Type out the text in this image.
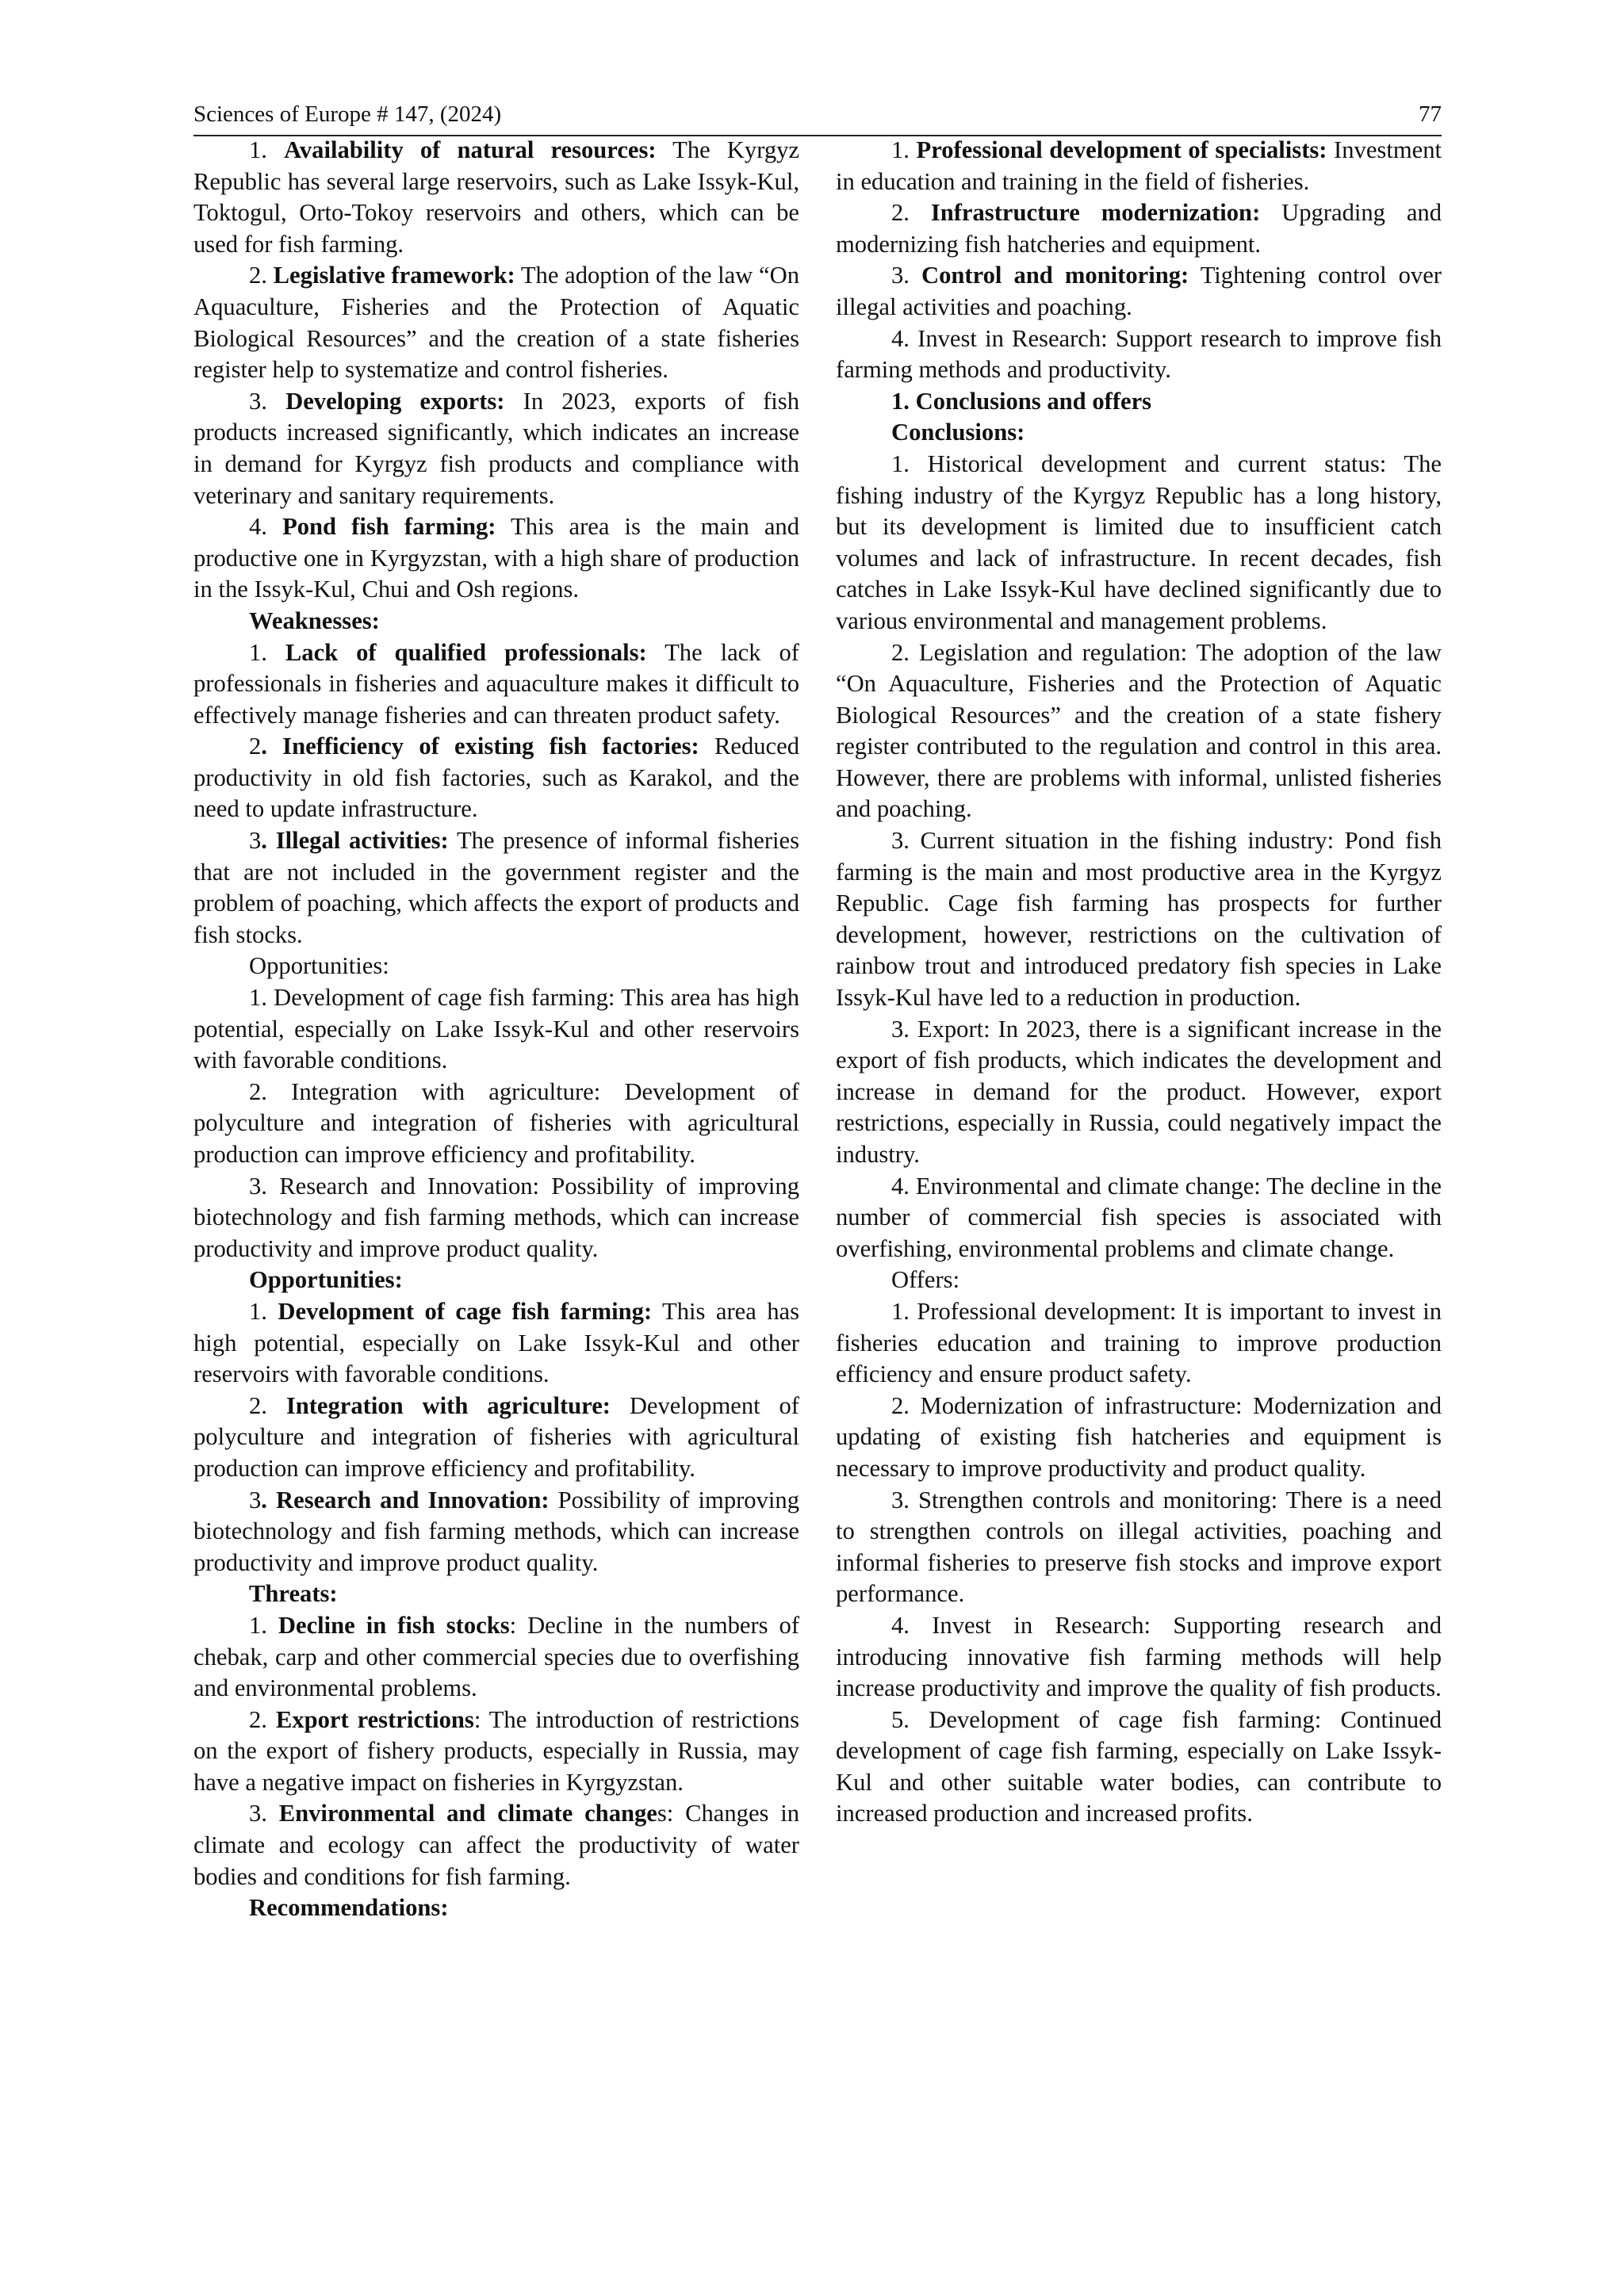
Sciences of Europe # 147, (2024)	77

1. Availability of natural resources: The Kyrgyz Republic has several large reservoirs, such as Lake Issyk-Kul, Toktogul, Orto-Tokoy reservoirs and others, which can be used for fish farming.

2. Legislative framework: The adoption of the law “On Aquaculture, Fisheries and the Protection of Aquatic Biological Resources” and the creation of a state fisheries register help to systematize and control fisheries.

3. Developing exports: In 2023, exports of fish products increased significantly, which indicates an increase in demand for Kyrgyz fish products and compliance with veterinary and sanitary requirements.

4. Pond fish farming: This area is the main and productive one in Kyrgyzstan, with a high share of production in the Issyk-Kul, Chui and Osh regions.

Weaknesses:

1. Lack of qualified professionals: The lack of professionals in fisheries and aquaculture makes it difficult to effectively manage fisheries and can threaten product safety.

2. Inefficiency of existing fish factories: Reduced productivity in old fish factories, such as Karakol, and the need to update infrastructure.

3. Illegal activities: The presence of informal fisheries that are not included in the government register and the problem of poaching, which affects the export of products and fish stocks.

Opportunities:

1. Development of cage fish farming: This area has high potential, especially on Lake Issyk-Kul and other reservoirs with favorable conditions.

2. Integration with agriculture: Development of polyculture and integration of fisheries with agricultural production can improve efficiency and profitability.

3. Research and Innovation: Possibility of improving biotechnology and fish farming methods, which can increase productivity and improve product quality.

Opportunities:

1. Development of cage fish farming: This area has high potential, especially on Lake Issyk-Kul and other reservoirs with favorable conditions.

2. Integration with agriculture: Development of polyculture and integration of fisheries with agricultural production can improve efficiency and profitability.

3. Research and Innovation: Possibility of improving biotechnology and fish farming methods, which can increase productivity and improve product quality.

Threats:

1. Decline in fish stocks: Decline in the numbers of chebak, carp and other commercial species due to overfishing and environmental problems.

2. Export restrictions: The introduction of restrictions on the export of fishery products, especially in Russia, may have a negative impact on fisheries in Kyrgyzstan.

3. Environmental and climate changes: Changes in climate and ecology can affect the productivity of water bodies and conditions for fish farming.

Recommendations:

1. Professional development of specialists: Investment in education and training in the field of fisheries.

2. Infrastructure modernization: Upgrading and modernizing fish hatcheries and equipment.

3. Control and monitoring: Tightening control over illegal activities and poaching.

4. Invest in Research: Support research to improve fish farming methods and productivity.

1. Conclusions and offers

Conclusions:

1. Historical development and current status: The fishing industry of the Kyrgyz Republic has a long history, but its development is limited due to insufficient catch volumes and lack of infrastructure. In recent decades, fish catches in Lake Issyk-Kul have declined significantly due to various environmental and management problems.

2. Legislation and regulation: The adoption of the law “On Aquaculture, Fisheries and the Protection of Aquatic Biological Resources” and the creation of a state fishery register contributed to the regulation and control in this area. However, there are problems with informal, unlisted fisheries and poaching.

3. Current situation in the fishing industry: Pond fish farming is the main and most productive area in the Kyrgyz Republic. Cage fish farming has prospects for further development, however, restrictions on the cultivation of rainbow trout and introduced predatory fish species in Lake Issyk-Kul have led to a reduction in production.

3. Export: In 2023, there is a significant increase in the export of fish products, which indicates the development and increase in demand for the product. However, export restrictions, especially in Russia, could negatively impact the industry.

4. Environmental and climate change: The decline in the number of commercial fish species is associated with overfishing, environmental problems and climate change.

Offers:

1. Professional development: It is important to invest in fisheries education and training to improve production efficiency and ensure product safety.

2. Modernization of infrastructure: Modernization and updating of existing fish hatcheries and equipment is necessary to improve productivity and product quality.

3. Strengthen controls and monitoring: There is a need to strengthen controls on illegal activities, poaching and informal fisheries to preserve fish stocks and improve export performance.

4. Invest in Research: Supporting research and introducing innovative fish farming methods will help increase productivity and improve the quality of fish products.

5. Development of cage fish farming: Continued development of cage fish farming, especially on Lake Issyk-Kul and other suitable water bodies, can contribute to increased production and increased profits.
